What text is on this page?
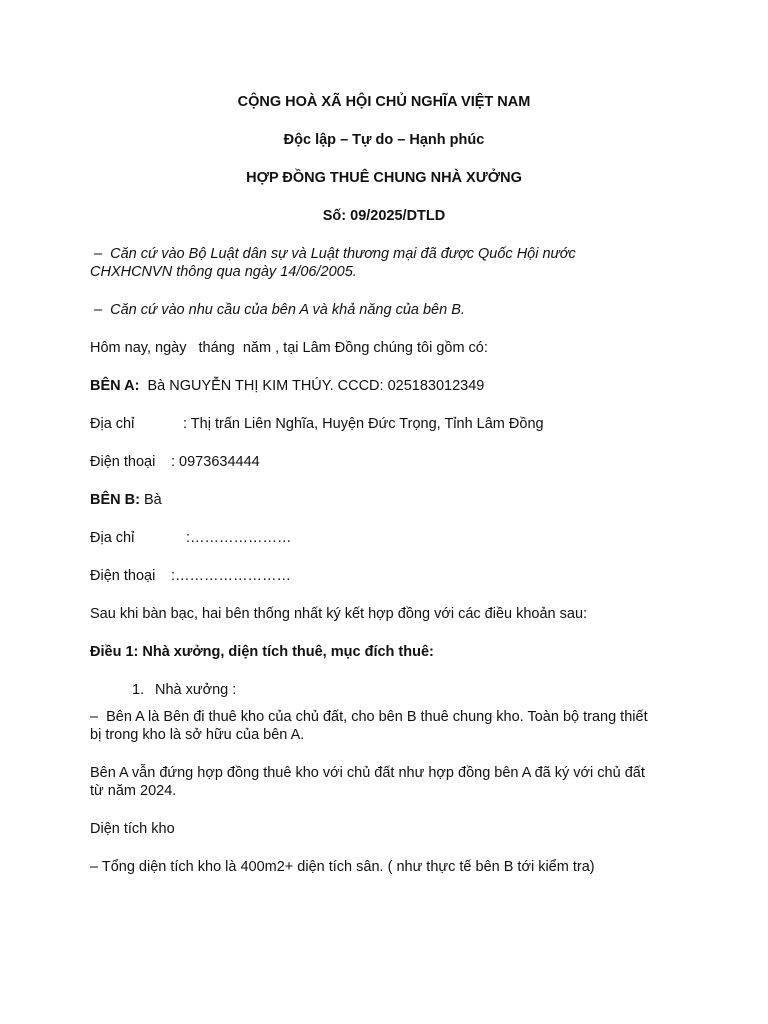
CỘNG HOÀ XÃ HỘI CHỦ NGHĨA VIỆT NAM
Độc lập – Tự do – Hạnh phúc
HỢP ĐỒNG THUÊ CHUNG NHÀ XƯỞNG
Số: 09/2025/DTLD
–  Căn cứ vào Bộ Luật dân sự và Luật thương mại đã được Quốc Hội nước
CHXHCNVN thông qua ngày 14/06/2005.
–  Căn cứ vào nhu cầu của bên A và khả năng của bên B.
Hôm nay, ngày   tháng  năm , tại Lâm Đồng chúng tôi gồm có:
BÊN A:  Bà NGUYỄN THỊ KIM THÚY. CCCD: 025183012349
Địa chỉ	: Thị trấn Liên Nghĩa, Huyện Đức Trọng, Tỉnh Lâm Đồng
Điện thoại : 0973634444
BÊN B: Bà
Địa chỉ	:…………………
Điện thoại :……………………
Sau khi bàn bạc, hai bên thống nhất ký kết hợp đồng với các điều khoản sau:
Điều 1: Nhà xưởng, diện tích thuê, mục đích thuê:
1. Nhà xưởng :
–  Bên A là Bên đi thuê kho của chủ đất, cho bên B thuê chung kho. Toàn bộ trang thiết
bị trong kho là sở hữu của bên A.
Bên A vẫn đứng hợp đồng thuê kho với chủ đất như hợp đồng bên A đã ký với chủ đất
từ năm 2024.
Diện tích kho
– Tổng diện tích kho là 400m2+ diện tích sân. ( như thực tế bên B tới kiểm tra)
